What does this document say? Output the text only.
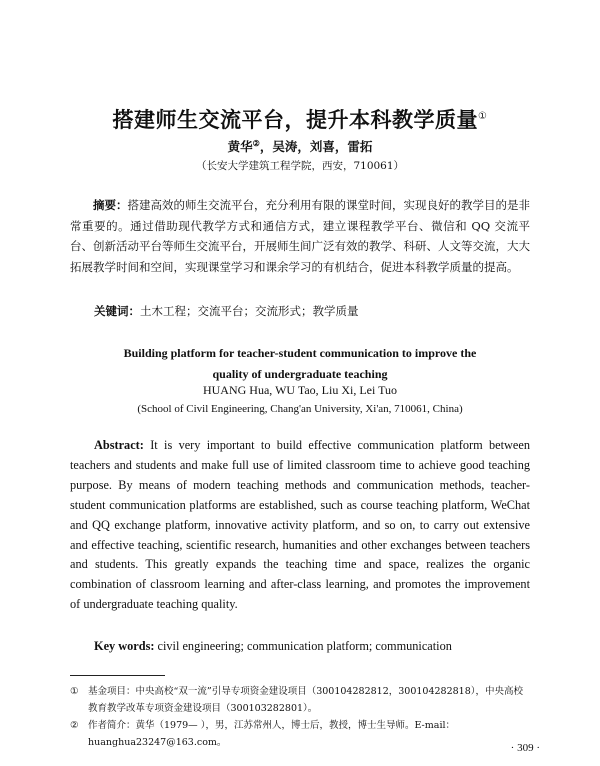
搭建师生交流平台，提升本科教学质量①
黄华②，吴涛，刘喜，雷拓
（长安大学建筑工程学院，西安，710061）

摘要：搭建高效的师生交流平台，充分利用有限的课堂时间，实现良好的教学目的是非常重要的。通过借助现代教学方式和通信方式，建立课程教学平台、微信和 QQ 交流平台、创新活动平台等师生交流平台，开展师生间广泛有效的教学、科研、人文等交流，大大拓展教学时间和空间，实现课堂学习和课余学习的有机结合，促进本科教学质量的提高。

关键词：土木工程；交流平台；交流形式；教学质量
Building platform for teacher-student communication to improve the
quality of undergraduate teaching
HUANG Hua, WU Tao, Liu Xi, Lei Tuo
(School of Civil Engineering, Chang'an University, Xi'an, 710061, China)

Abstract: It is very important to build effective communication platform between teachers and students and make full use of limited classroom time to achieve good teaching purpose. By means of modern teaching methods and communication methods, teacher-student communication platforms are established, such as course teaching platform, WeChat and QQ exchange platform, innovative activity platform, and so on, to carry out extensive and effective teaching, scientific research, humanities and other exchanges between teachers and students. This greatly expands the teaching time and space, realizes the organic combination of classroom learning and after-class learning, and promotes the improvement of undergraduate teaching quality.

Key words: civil engineering; communication platform; communication
① 基金项目：中央高校“双一流”引导专项资金建设项目（300104282812，300104282818），中央高校教育教学改革专项资金建设项目（300103282801）。
② 作者简介：黄华（1979— ），男，江苏常州人，博士后，教授，博士生导师。E-mail：huanghua23247@163.com。	· 309 ·
